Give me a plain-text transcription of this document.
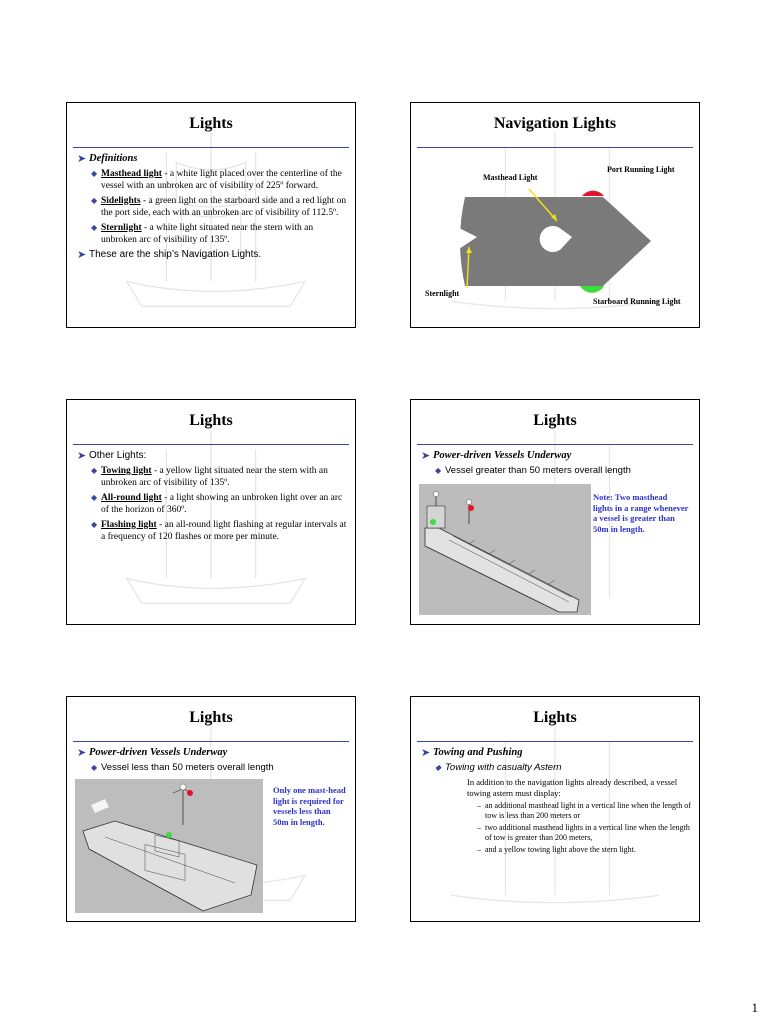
Lights
➤ Definitions
◆ Masthead light - a white light placed over the centerline of the vessel with an unbroken arc of visibility of 225º forward.
◆ Sidelights - a green light on the starboard side and a red light on the port side, each with an unbroken arc of visibility of 112.5º.
◆ Sternlight - a white light situated near the stern with an unbroken arc of visibility of 135º.
➤ These are the ship’s Navigation Lights.
Navigation Lights
Masthead Light
Port Running Light
Sternlight
Starboard Running Light
Lights
➤ Other Lights:
◆ Towing light - a yellow light situated near the stern with an unbroken arc of visibility of 135º.
◆ All-round light - a light showing an unbroken light over an arc of the horizon of 360º.
◆ Flashing light - an all-round light flashing at regular intervals at a frequency of 120 flashes or more per minute.
Lights
➤ Power-driven Vessels Underway
◆ Vessel greater than 50 meters overall length
Note: Two masthead lights in a range whenever a vessel is greater than 50m in length.
Lights
➤ Power-driven Vessels Underway
◆ Vessel less than 50 meters overall length
Only one mast-head light is required for vessels less than 50m in length.
Lights
➤ Towing and Pushing
◆ Towing with casualty Astern
In addition to the navigation lights already described, a vessel towing astern must display:
– an additional masthead light in a vertical line when the length of tow is less than 200 meters or
– two additional masthead lights in a vertical line when the length of tow is greater than 200 meters,
– and a yellow towing light above the stern light.
1
